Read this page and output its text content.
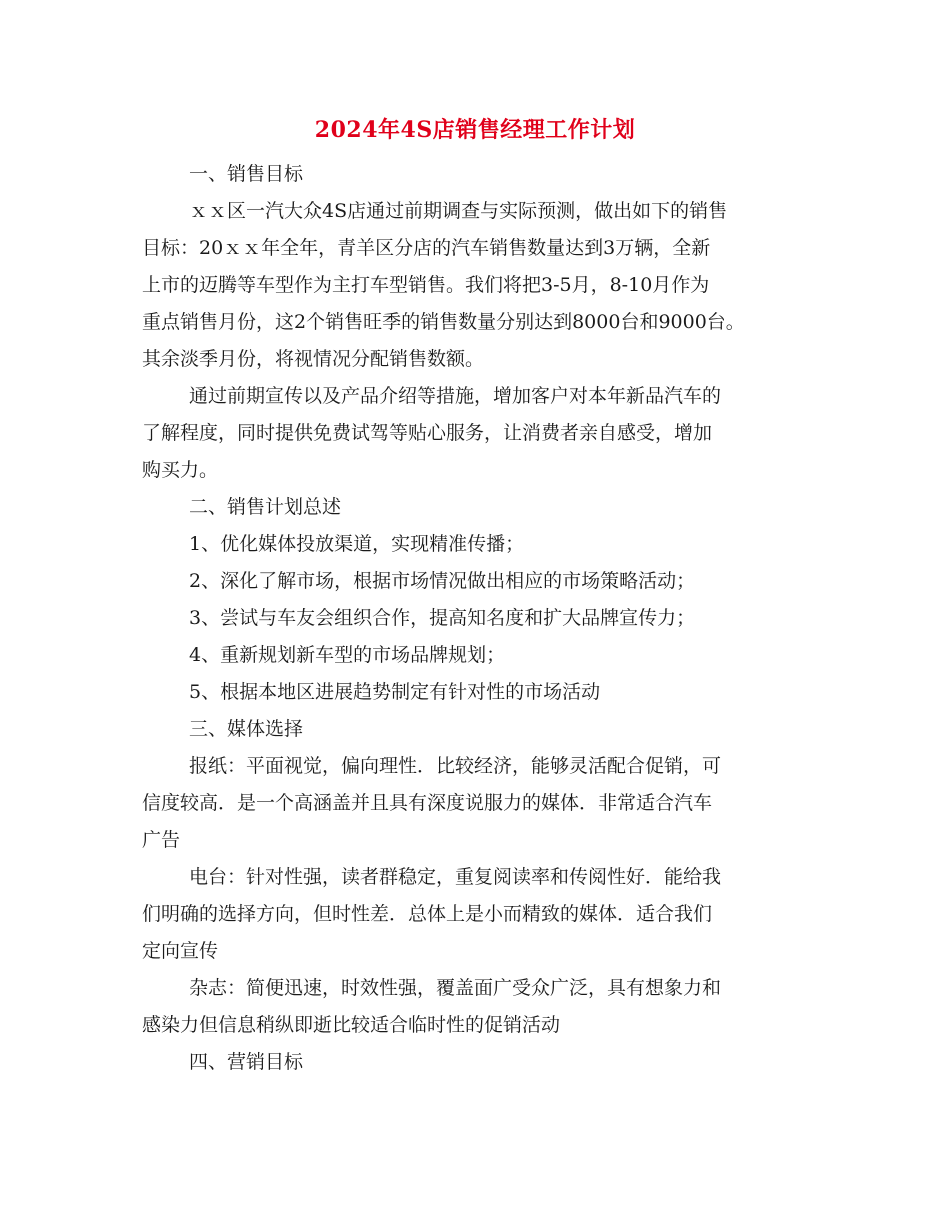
2024年4S店销售经理工作计划
一、销售目标
ｘｘ区一汽大众4S店通过前期调查与实际预测，做出如下的销售
目标：20ｘｘ年全年，青羊区分店的汽车销售数量达到3万辆，全新
上市的迈腾等车型作为主打车型销售。我们将把3-5月，8-10月作为
重点销售月份，这2个销售旺季的销售数量分别达到8000台和9000台。
其余淡季月份，将视情况分配销售数额。
通过前期宣传以及产品介绍等措施，增加客户对本年新品汽车的
了解程度，同时提供免费试驾等贴心服务，让消费者亲自感受，增加
购买力。
二、销售计划总述
1、优化媒体投放渠道，实现精准传播；
2、深化了解市场，根据市场情况做出相应的市场策略活动；
3、尝试与车友会组织合作，提高知名度和扩大品牌宣传力；
4、重新规划新车型的市场品牌规划；
5、根据本地区进展趋势制定有针对性的市场活动
三、媒体选择
报纸：平面视觉，偏向理性．比较经济，能够灵活配合促销，可
信度较高．是一个高涵盖并且具有深度说服力的媒体．非常适合汽车
广告
电台：针对性强，读者群稳定，重复阅读率和传阅性好．能给我
们明确的选择方向，但时性差．总体上是小而精致的媒体．适合我们
定向宣传
杂志：简便迅速，时效性强，覆盖面广受众广泛，具有想象力和
感染力但信息稍纵即逝比较适合临时性的促销活动
四、营销目标
